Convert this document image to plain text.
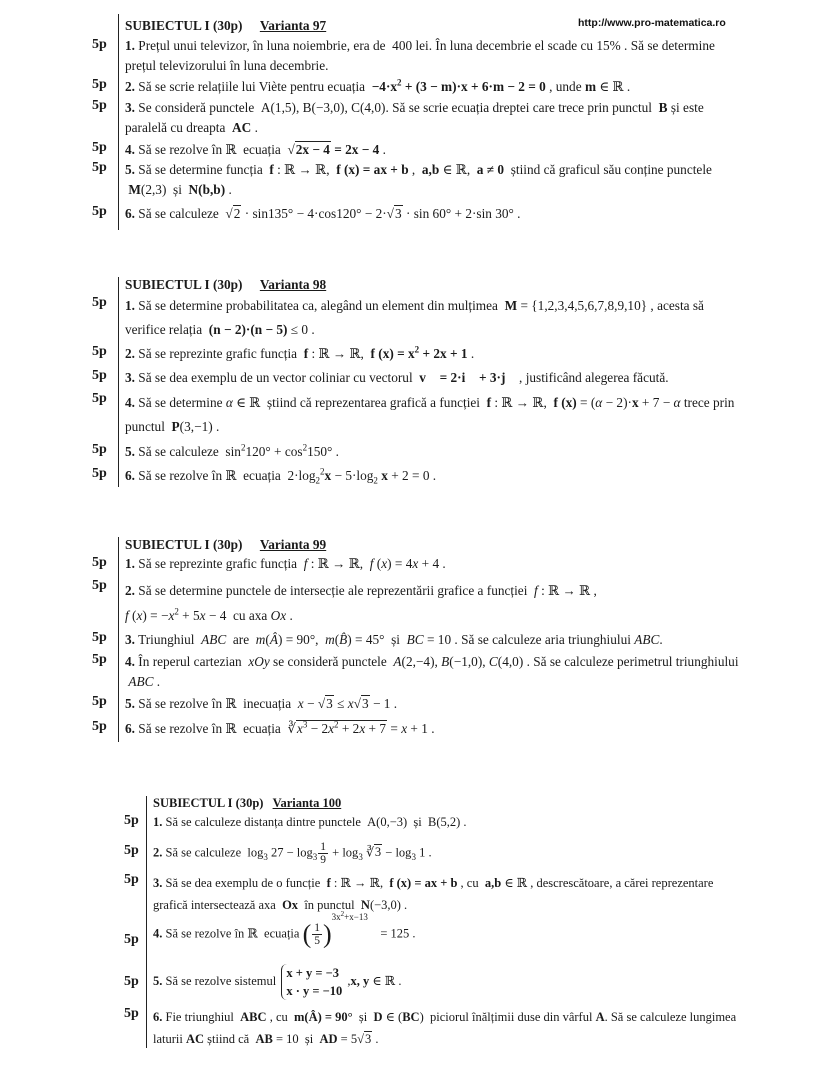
http://www.pro-matematica.ro
SUBIECTUL I (30p) Varianta 97
5p 1. Prețul unui televizor, în luna noiembrie, era de  400 lei. În luna decembrie el scade cu 15% . Să se determine prețul televizorului în luna decembrie.
5p 2. Să se scrie relațiile lui Viète pentru ecuația  $-4\cdot x^2 + (3 - m)\cdot x + 6\cdot m - 2 = 0$ , unde m ∈ ℝ .
5p 3. Se consideră punctele  A(1,5), B(−3,0), C(4,0). Să se scrie ecuația dreptei care trece prin punctul  B și este paralelă cu dreapta  AC .
5p 4. Să se rezolve în ℝ  ecuația  √2x − 4 = 2x − 4 .
5p 5. Să se determine funcția  f : ℝ → ℝ,  f (x) = ax + b ,  a,b ∈ ℝ,  a ≠ 0  știind că graficul său conține punctele  M(2,3)  și  N(b,b) .
5p 6. Să se calculeze  √2 · sin135° − 4·cos120° − 2·√3 · sin 60° + 2·sin 30° .
SUBIECTUL I (30p) Varianta 98
5p 1. Să se determine probabilitatea ca, alegând un element din mulțimea  M = {1,2,3,4,5,6,7,8,9,10} , acesta să verifice relația  (n − 2)·(n − 5) ≤ 0 .
5p 2. Să se reprezinte grafic funcția  f : ℝ → ℝ,  f $(x) = x^2 + 2x + 1$ .
5p 3. Să se dea exemplu de un vector coliniar cu vectorul  v⃗ = 2·i⃗ + 3·j⃗ , justificând alegerea făcută.
5p 4. Să se determine α ∈ ℝ  știind că reprezentarea grafică a funcției  f : ℝ → ℝ,  f (x) = (α − 2)·x + 7 − α trece prin punctul  P(3,−1) .
5p 5. Să se calculeze  $\sin^2120^\circ + \cos^2150^\circ$ .
5p 6. Să se rezolve în ℝ  ecuația  $2\cdot\log_2^2x - 5\cdot\log_2$ x + 2 = 0 .
SUBIECTUL I (30p) Varianta 99
5p 1. Să se reprezinte grafic funcția  f : ℝ → ℝ,  f (x) = 4x + 4 .
5p 2. Să se determine punctele de intersecție ale reprezentării grafice a funcției  f : ℝ → ℝ ,
f $(x) = -x^2 + 5x - 4$  cu axa Ox .
5p 3. Triunghiul  ABC  are  m(Â) = 90°,  m(B̂) = 45°  și  BC = 10 . Să se calculeze aria triunghiului ABC.
5p 4. În reperul cartezian  xOy se consideră punctele  A(2,−4), B(−1,0), C(4,0) . Să se calculeze perimetrul triunghiului  ABC .
5p 5. Să se rezolve în ℝ  inecuația  x − √3 ≤ x√3 − 1 .
5p 6. Să se rezolve în ℝ  ecuația  $∛x^3 - 2x^2 + 2x + 7 = x + 1$ .
SUBIECTUL I (30p) Varianta 100
5p 1. Să se calculeze distanța dintre punctele  A(0,−3)  și  B(5,2) .
5p 2. Să se calculeze  $\log_3 27 - \log_3 \frac{1}{9} + \log_3$ ∛3 − $\log_3 1$ .
5p 3. Să se dea exemplu de o funcție  f : ℝ → ℝ,  f (x) = ax + b , cu  a,b ∈ ℝ , descrescătoare, a cărei reprezentare grafică intersectează axa  Ox  în punctul  N(−3,0) .
5p 4. Să se rezolve în ℝ  ecuația ( $\frac{1}{5} )^{3x^2+x-13}$    = 125 .
5p 5. Să se rezolve sistemul x + y = −3
x · y = −10 ,x, y ∈ ℝ .
5p 6. Fie triunghiul  ABC , cu  m(Â) = 90°  și  D ∈ (BC)  piciorul înălțimii duse din vârful A. Să se calculeze lungimea laturii AC știind că  AB = 10  și  AD = 5√3 .
